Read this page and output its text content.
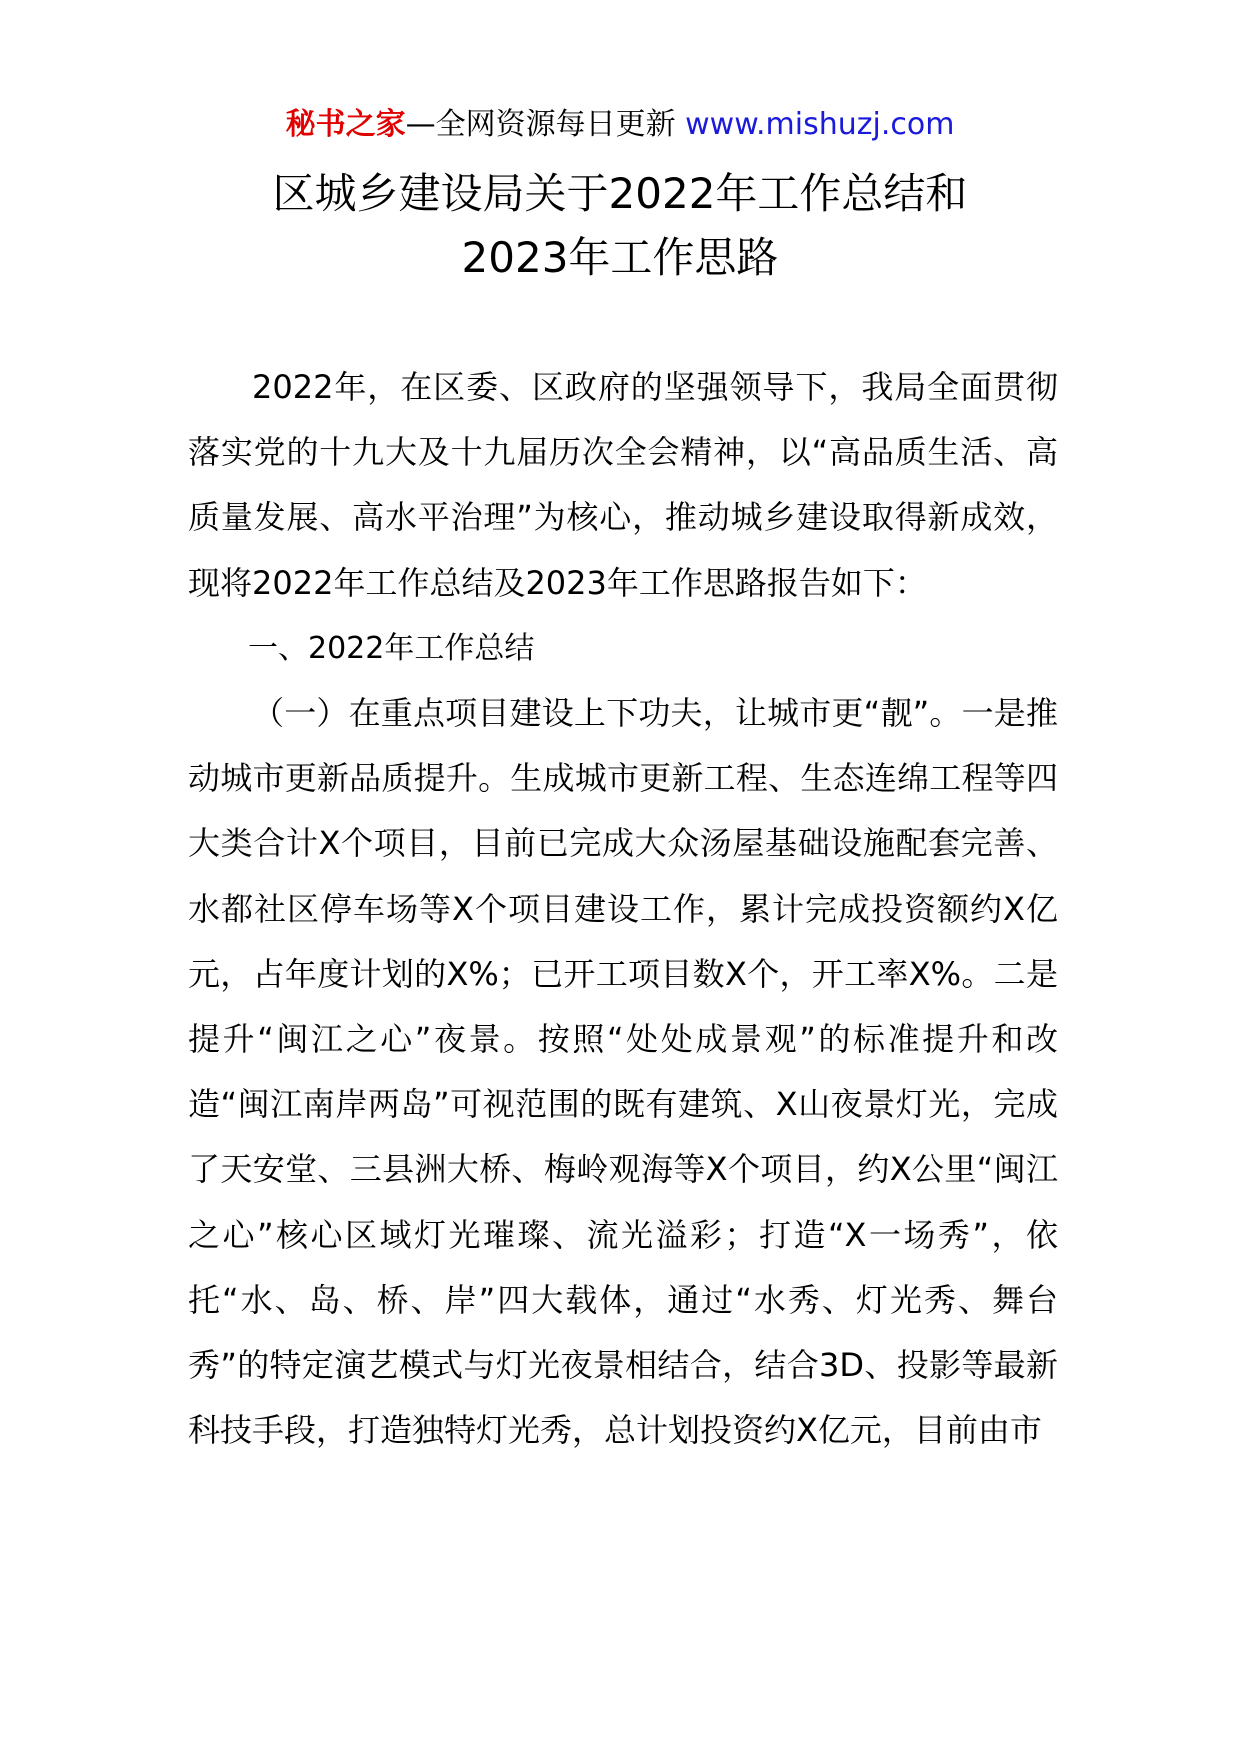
秘书之家—全网资源每日更新 www.mishuzj.com
区城乡建设局关于2022年工作总结和
2023年工作思路

2022年，在区委、区政府的坚强领导下，我局全面贯彻落实党的十九大及十九届历次全会精神，以“高品质生活、高质量发展、高水平治理”为核心，推动城乡建设取得新成效，现将2022年工作总结及2023年工作思路报告如下：

一、2022年工作总结

（一）在重点项目建设上下功夫，让城市更“靓”。一是推动城市更新品质提升。生成城市更新工程、生态连绵工程等四大类合计X个项目，目前已完成大众汤屋基础设施配套完善、水都社区停车场等X个项目建设工作，累计完成投资额约X亿元，占年度计划的X%；已开工项目数X个，开工率X%。二是提升“闽江之心”夜景。按照“处处成景观”的标准提升和改造“闽江南岸两岛”可视范围的既有建筑、X山夜景灯光，完成了天安堂、三县洲大桥、梅岭观海等X个项目，约X公里“闽江之心”核心区域灯光璀璨、流光溢彩；打造“X一场秀”，依托“水、岛、桥、岸”四大载体，通过“水秀、灯光秀、舞台秀”的特定演艺模式与灯光夜景相结合，结合3D、投影等最新科技手段，打造独特灯光秀，总计划投资约X亿元，目前由市
